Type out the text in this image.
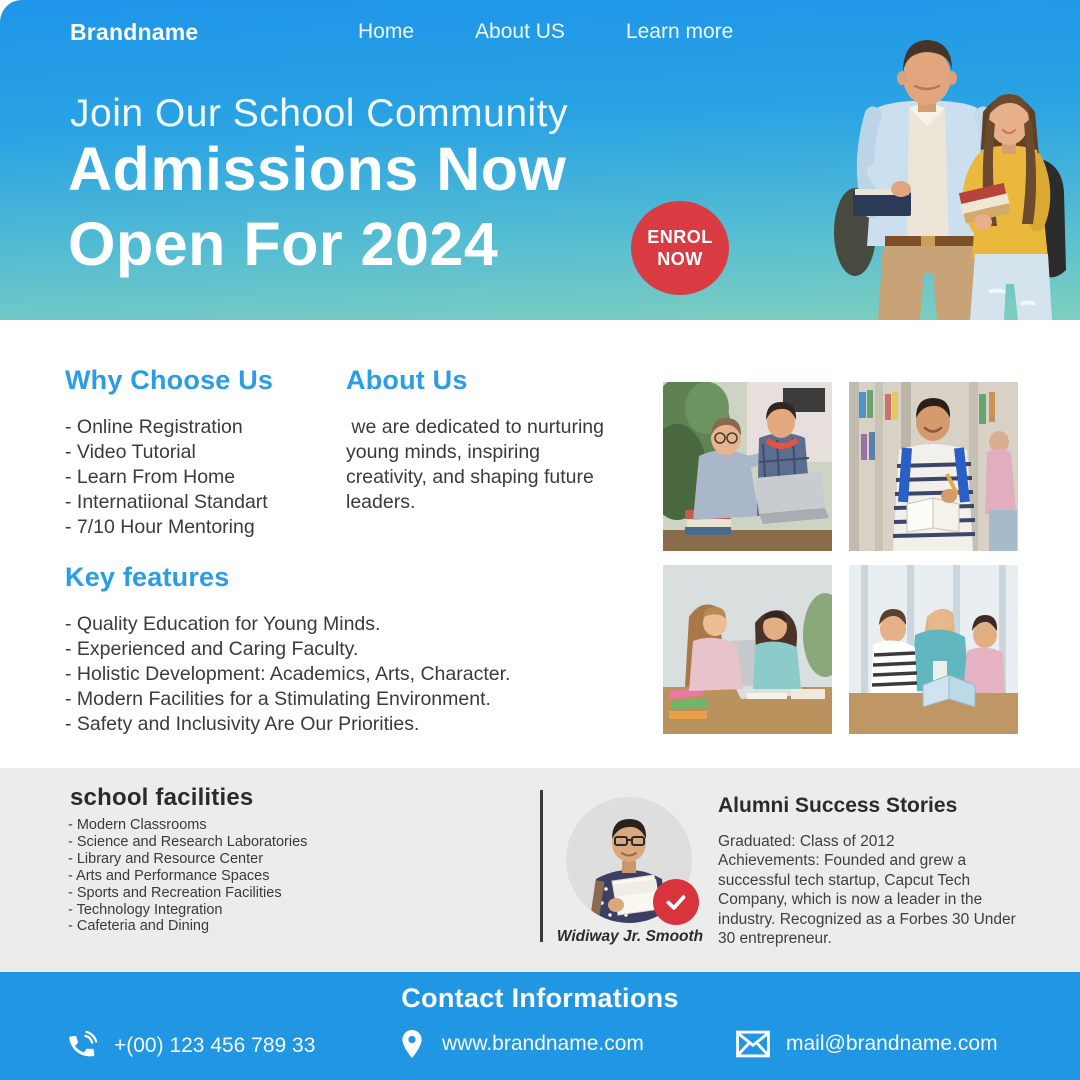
Brandname	Home	About US	Learn more
Join Our School Community
Admissions Now
Open For 2024	ENROL
NOW
Why Choose Us
- Online Registration
- Video Tutorial
- Learn From Home
- Internatiional Standart
- 7/10 Hour Mentoring
About Us

we are dedicated to nurturing young minds, inspiring creativity, and shaping future leaders.

Key features
- Quality Education for Young Minds.
- Experienced and Caring Faculty.
- Holistic Development: Academics, Arts, Character.
- Modern Facilities for a Stimulating Environment.
- Safety and Inclusivity Are Our Priorities.
school facilities
- Modern Classrooms
- Science and Research Laboratories
- Library and Resource Center
- Arts and Performance Spaces
- Sports and Recreation Facilities
- Technology Integration
- Cafeteria and Dining
Widiway Jr. Smooth
Alumni Success Stories

Graduated: Class of 2012

Achievements: Founded and grew a successful tech startup, Capcut Tech Company, which is now a leader in the industry. Recognized as a Forbes 30 Under 30 entrepreneur.

Contact Informations
+(00) 123 456 789 33	www.brandname.com	mail@brandname.com
